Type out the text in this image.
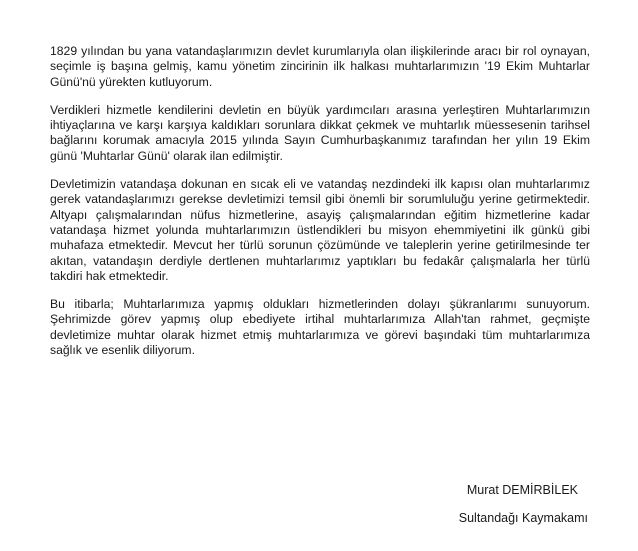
1829 yılından bu yana vatandaşlarımızın devlet kurumlarıyla olan ilişkilerinde aracı bir rol oynayan, seçimle iş başına gelmiş, kamu yönetim zincirinin ilk halkası muhtarlarımızın '19 Ekim Muhtarlar Günü'nü yürekten kutluyorum.

Verdikleri hizmetle kendilerini devletin en büyük yardımcıları arasına yerleştiren Muhtarlarımızın ihtiyaçlarına ve karşı karşıya kaldıkları sorunlara dikkat çekmek ve muhtarlık müessesenin tarihsel bağlarını korumak amacıyla 2015 yılında Sayın Cumhurbaşkanımız tarafından her yılın 19 Ekim günü 'Muhtarlar Günü' olarak ilan edilmiştir.

Devletimizin vatandaşa dokunan en sıcak eli ve vatandaş nezdindeki ilk kapısı olan muhtarlarımız gerek vatandaşlarımızı gerekse devletimizi temsil gibi önemli bir sorumluluğu yerine getirmektedir. Altyapı çalışmalarından nüfus hizmetlerine, asayiş çalışmalarından eğitim hizmetlerine kadar vatandaşa hizmet yolunda muhtarlarımızın üstlendikleri bu misyon ehemmiyetini ilk günkü gibi muhafaza etmektedir. Mevcut her türlü sorunun çözümünde ve taleplerin yerine getirilmesinde ter akıtan, vatandaşın derdiyle dertlenen muhtarlarımız yaptıkları bu fedakâr çalışmalarla her türlü takdiri hak etmektedir.

Bu itibarla; Muhtarlarımıza yapmış oldukları hizmetlerinden dolayı şükranlarımı sunuyorum. Şehrimizde görev yapmış olup ebediyete irtihal muhtarlarımıza Allah'tan rahmet, geçmişte devletimize muhtar olarak hizmet etmiş muhtarlarımıza ve görevi başındaki tüm muhtarlarımıza sağlık ve esenlik diliyorum.

Murat DEMİRBİLEK

Sultandağı Kaymakamı
